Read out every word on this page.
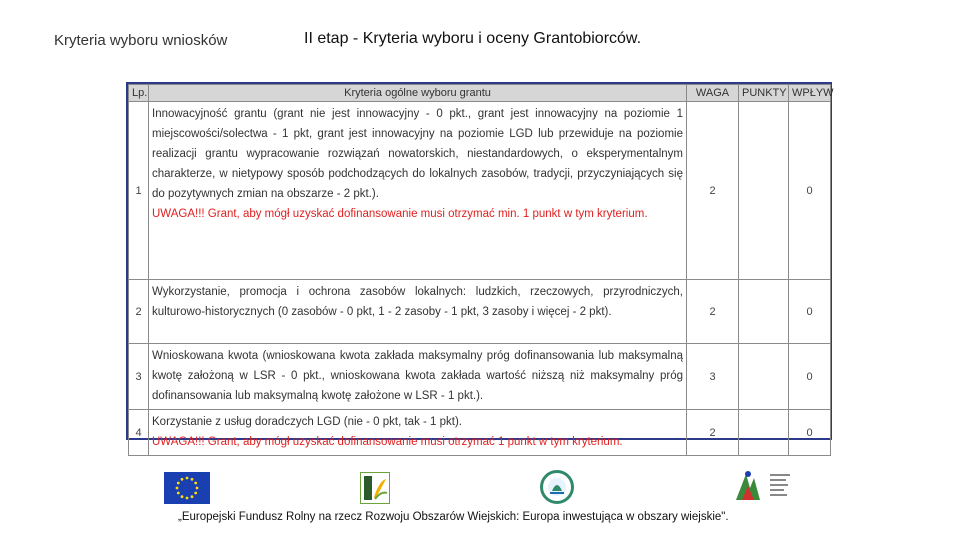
Kryteria wyboru wniosków	II etap - Kryteria wyboru i oceny Grantobiorców.
Lp.	Kryteria ogólne wyboru grantu	WAGA	PUNKTY	WPŁYW
1	Innowacyjność grantu (grant nie jest innowacyjny - 0 pkt., grant jest innowacyjny na poziomie 1 miejscowości/solectwa - 1 pkt, grant jest innowacyjny na poziomie LGD lub przewiduje na poziomie realizacji grantu wypracowanie rozwiązań nowatorskich, niestandardowych, o eksperymentalnym charakterze, w nietypowy sposób podchodzących do lokalnych zasobów, tradycji, przyczyniających się do pozytywnych zmian na obszarze - 2 pkt.).
UWAGA!!! Grant, aby mógł uzyskać dofinansowanie musi otrzymać min. 1 punkt w tym kryterium.	2		0
2	Wykorzystanie, promocja i ochrona zasobów lokalnych: ludzkich, rzeczowych, przyrodniczych, kulturowo-historycznych (0 zasobów - 0 pkt, 1 - 2 zasoby - 1 pkt, 3 zasoby i więcej - 2 pkt).	2		0
3	Wnioskowana kwota (wnioskowana kwota zakłada maksymalny próg dofinansowania lub maksymalną kwotę założoną w LSR - 0 pkt., wnioskowana kwota zakłada wartość niższą niż maksymalny próg dofinansowania lub maksymalną kwotę założone w LSR - 1 pkt.).	3		0
4	Korzystanie z usług doradczych LGD (nie - 0 pkt, tak - 1 pkt).
UWAGA!!! Grant, aby mógł uzyskać dofinansowanie musi otrzymać 1 punkt w tym kryterium.	2		0
„Europejski Fundusz Rolny na rzecz Rozwoju Obszarów Wiejskich: Europa inwestująca w obszary wiejskie".
